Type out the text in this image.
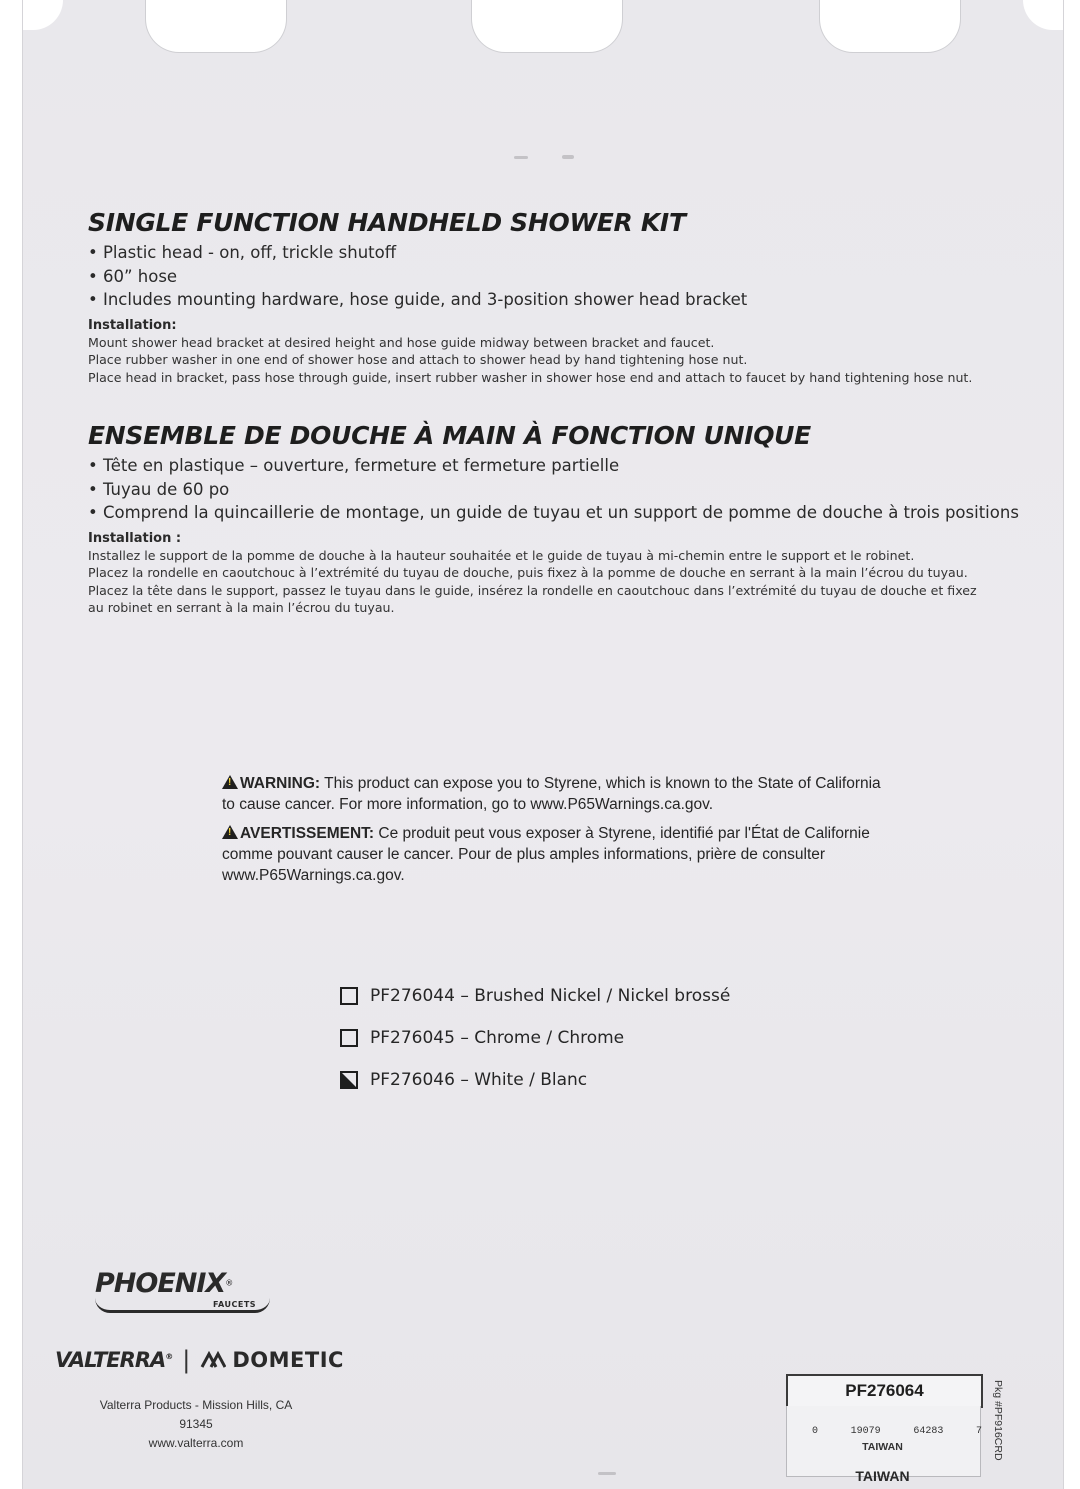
SINGLE FUNCTION HANDHELD SHOWER KIT
• Plastic head - on, off, trickle shutoff
• 60” hose
• Includes mounting hardware, hose guide, and 3-position shower head bracket
Installation:
Mount shower head bracket at desired height and hose guide midway between bracket and faucet.
Place rubber washer in one end of shower hose and attach to shower head by hand tightening hose nut.
Place head in bracket, pass hose through guide, insert rubber washer in shower hose end and attach to faucet by hand tightening hose nut.
ENSEMBLE DE DOUCHE À MAIN À FONCTION UNIQUE
• Tête en plastique – ouverture, fermeture et fermeture partielle
• Tuyau de 60 po
• Comprend la quincaillerie de montage, un guide de tuyau et un support de pomme de douche à trois positions
Installation :
Installez le support de la pomme de douche à la hauteur souhaitée et le guide de tuyau à mi-chemin entre le support et le robinet.
Placez la rondelle en caoutchouc à l’extrémité du tuyau de douche, puis fixez à la pomme de douche en serrant à la main l’écrou du tuyau.
Placez la tête dans le support, passez le tuyau dans le guide, insérez la rondelle en caoutchouc dans l’extrémité du tuyau de douche et fixez
au robinet en serrant à la main l’écrou du tuyau.
!WARNING: This product can expose you to Styrene, which is known to the State of California
to cause cancer. For more information, go to www.P65Warnings.ca.gov.
!AVERTISSEMENT: Ce produit peut vous exposer à Styrene, identifié par l'État de Californie
comme pouvant causer le cancer. Pour de plus amples informations, prière de consulter
www.P65Warnings.ca.gov.
PF276044 – Brushed Nickel / Nickel brossé
PF276045 – Chrome / Chrome
PF276046 – White / Blanc
PHOENIX®
FAUCETS
VALTERRA® | DOMETIC
Valterra Products - Mission Hills, CA 91345
www.valterra.com
PF276064
0	19079	64283	7
TAIWAN
TAIWAN
Pkg #PF916CRD
